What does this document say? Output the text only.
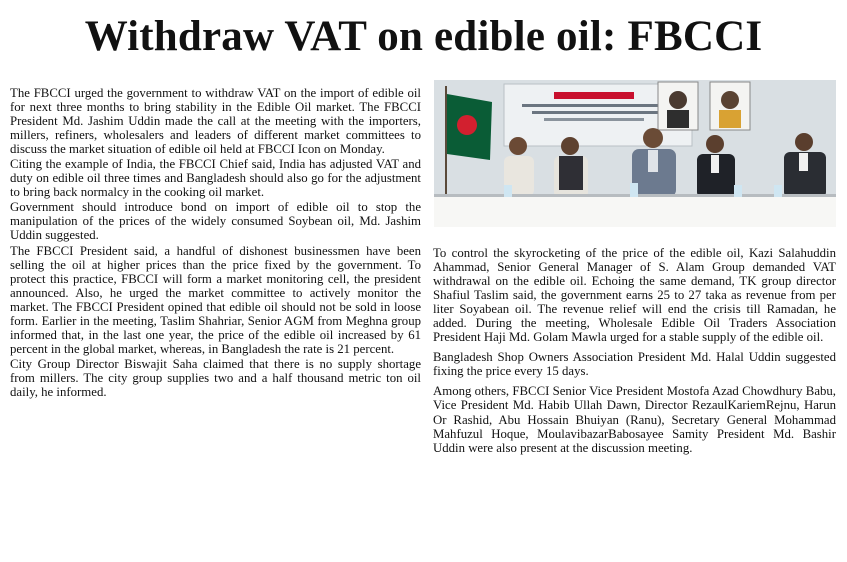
Withdraw VAT on edible oil: FBCCI

The FBCCI urged the government to withdraw VAT on the import of edible oil for next three months to bring stability in the Edible Oil market. The FBCCI President Md. Jashim Uddin made the call at the meeting with the importers, millers, refiners, wholesalers and leaders of different market committees to discuss the market situation of edible oil held at FBCCI Icon on Monday.

Citing the example of India, the FBCCI Chief said, India has adjusted VAT and duty on edible oil three times and Bangladesh should also go for the adjustment to bring back normalcy in the cooking oil market.

Government should introduce bond on import of edible oil to stop the manipulation of the prices of the widely consumed Soybean oil, Md. Jashim Uddin suggested.

The FBCCI President said, a handful of dishonest businessmen have been selling the oil at higher prices than the price fixed by the government. To protect this practice, FBCCI will form a market monitoring cell, the president announced. Also, he urged the market committee to actively monitor the market. The FBCCI President opined that edible oil should not be sold in loose form. Earlier in the meeting, Taslim Shahriar, Senior AGM from Meghna group informed that, in the last one year, the price of the edible oil increased by 61 percent in the global market, whereas, in Bangladesh the rate is 21 percent.

City Group Director Biswajit Saha claimed that there is no supply shortage from millers. The city group supplies two and a half thousand metric ton oil daily, he informed.

To control the skyrocketing of the price of the edible oil, Kazi Salahuddin Ahammad, Senior General Manager of S. Alam Group demanded VAT withdrawal on the edible oil. Echoing the same demand, TK group director Shafiul Taslim said, the government earns 25 to 27 taka as revenue from per liter Soyabean oil. The revenue relief will end the crisis till Ramadan, he added. During the meeting, Wholesale Edible Oil Traders Association President Haji Md. Golam Mawla urged for a stable supply of the edible oil.

Bangladesh Shop Owners Association President Md. Halal Uddin suggested fixing the price every 15 days.

Among others, FBCCI Senior Vice President Mostofa Azad Chowdhury Babu, Vice President Md. Habib Ullah Dawn, Director RezaulKariemRejnu, Harun Or Rashid, Abu Hossain Bhuiyan (Ranu), Secretary General Mohammad Mahfuzul Hoque, MoulavibazarBabosayee Samity President Md. Bashir Uddin were also present at the discussion meeting.
